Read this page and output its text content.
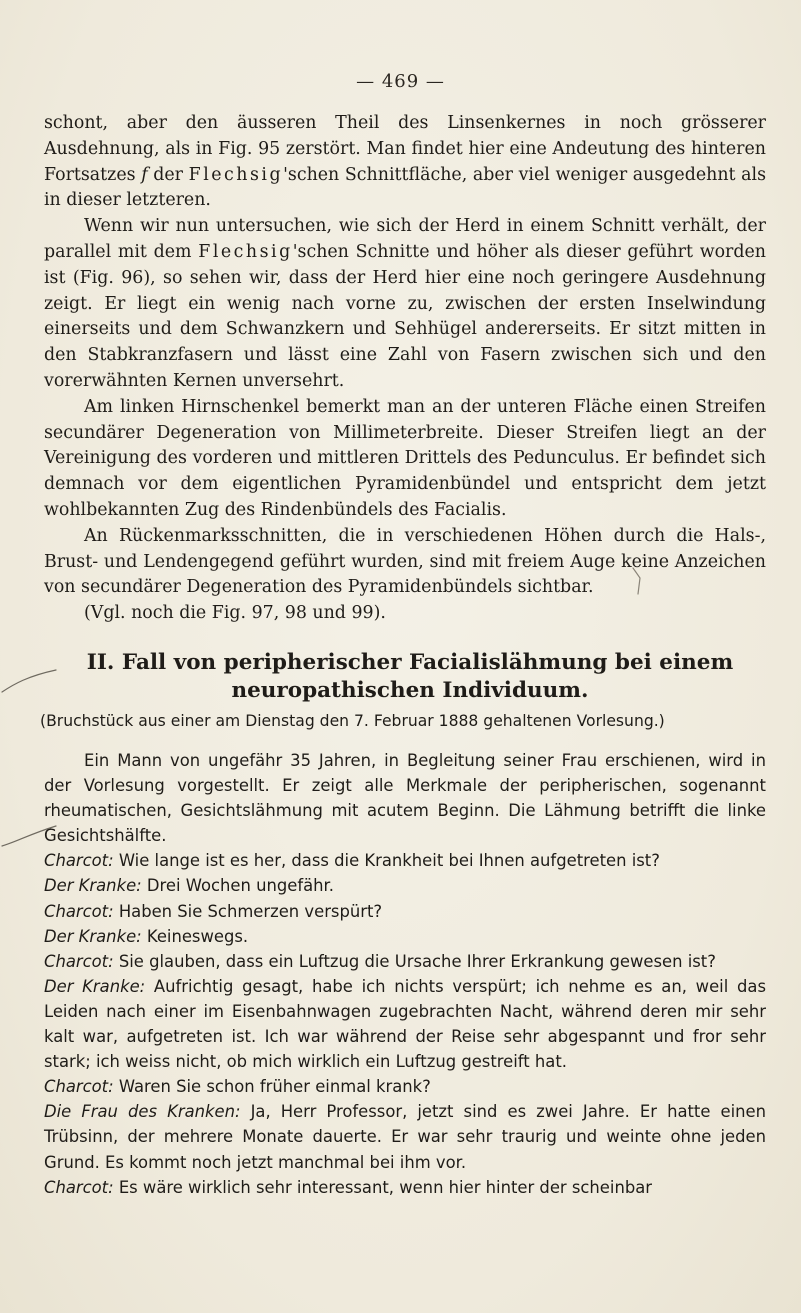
— 469 —

schont, aber den äusseren Theil des Linsenkernes in noch grösserer Ausdehnung, als in Fig. 95 zerstört. Man findet hier eine Andeutung des hinteren Fortsatzes f der Flechsig'schen Schnittfläche, aber viel weniger ausgedehnt als in dieser letzteren.

Wenn wir nun untersuchen, wie sich der Herd in einem Schnitt verhält, der parallel mit dem Flechsig'schen Schnitte und höher als dieser geführt worden ist (Fig. 96), so sehen wir, dass der Herd hier eine noch geringere Ausdehnung zeigt. Er liegt ein wenig nach vorne zu, zwischen der ersten Inselwindung einerseits und dem Schwanzkern und Sehhügel andererseits. Er sitzt mitten in den Stabkranzfasern und lässt eine Zahl von Fasern zwischen sich und den vorerwähnten Kernen unversehrt.

Am linken Hirnschenkel bemerkt man an der unteren Fläche einen Streifen secundärer Degeneration von Millimeterbreite. Dieser Streifen liegt an der Vereinigung des vorderen und mittleren Drittels des Pedunculus. Er befindet sich demnach vor dem eigentlichen Pyramidenbündel und entspricht dem jetzt wohlbekannten Zug des Rindenbündels des Facialis.

An Rückenmarksschnitten, die in verschiedenen Höhen durch die Hals-, Brust- und Lendengegend geführt wurden, sind mit freiem Auge keine Anzeichen von secundärer Degeneration des Pyramidenbündels sichtbar.

(Vgl. noch die Fig. 97, 98 und 99).

II. Fall von peripherischer Facialislähmung bei einem neuropathischen Individuum.
(Bruchstück aus einer am Dienstag den 7. Februar 1888 gehaltenen Vorlesung.)

Ein Mann von ungefähr 35 Jahren, in Begleitung seiner Frau erschienen, wird in der Vorlesung vorgestellt. Er zeigt alle Merkmale der peripherischen, sogenannt rheumatischen, Gesichtslähmung mit acutem Beginn. Die Lähmung betrifft die linke Gesichtshälfte.

Charcot: Wie lange ist es her, dass die Krankheit bei Ihnen aufgetreten ist?

Der Kranke: Drei Wochen ungefähr.

Charcot: Haben Sie Schmerzen verspürt?

Der Kranke: Keineswegs.

Charcot: Sie glauben, dass ein Luftzug die Ursache Ihrer Erkrankung gewesen ist?

Der Kranke: Aufrichtig gesagt, habe ich nichts verspürt; ich nehme es an, weil das Leiden nach einer im Eisenbahnwagen zugebrachten Nacht, während deren mir sehr kalt war, aufgetreten ist. Ich war während der Reise sehr abgespannt und fror sehr stark; ich weiss nicht, ob mich wirklich ein Luftzug gestreift hat.

Charcot: Waren Sie schon früher einmal krank?

Die Frau des Kranken: Ja, Herr Professor, jetzt sind es zwei Jahre. Er hatte einen Trübsinn, der mehrere Monate dauerte. Er war sehr traurig und weinte ohne jeden Grund. Es kommt noch jetzt manchmal bei ihm vor.

Charcot: Es wäre wirklich sehr interessant, wenn hier hinter der scheinbar
